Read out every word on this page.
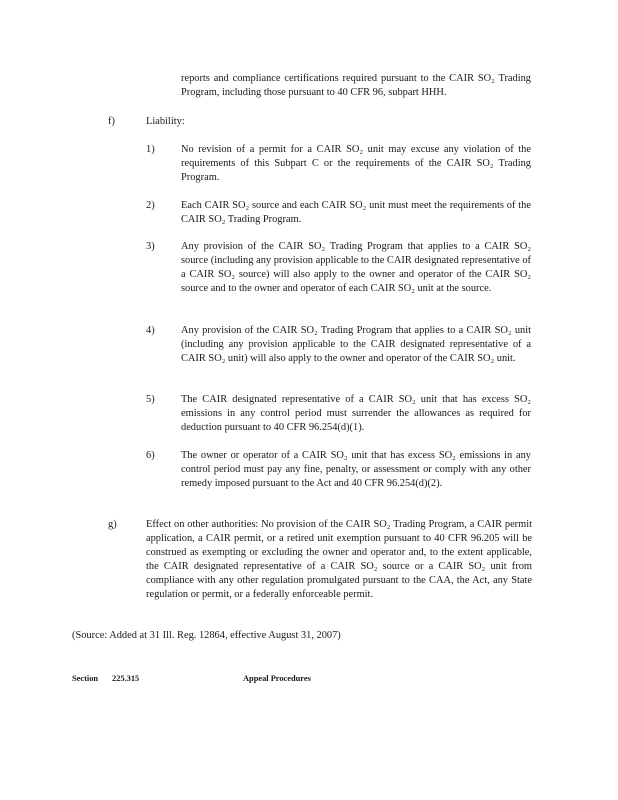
reports and compliance certifications required pursuant to the CAIR SO₂ Trading Program, including those pursuant to 40 CFR 96, subpart HHH.
f)	Liability:
1)	No revision of a permit for a CAIR SO₂ unit may excuse any violation of the requirements of this Subpart C or the requirements of the CAIR SO₂ Trading Program.
2)	Each CAIR SO₂ source and each CAIR SO₂ unit must meet the requirements of the CAIR SO₂ Trading Program.
3)	Any provision of the CAIR SO₂ Trading Program that applies to a CAIR SO₂ source (including any provision applicable to the CAIR designated representative of a CAIR SO₂ source) will also apply to the owner and operator of the CAIR SO₂ source and to the owner and operator of each CAIR SO₂ unit at the source.
4)	Any provision of the CAIR SO₂ Trading Program that applies to a CAIR SO₂ unit (including any provision applicable to the CAIR designated representative of a CAIR SO₂ unit) will also apply to the owner and operator of the CAIR SO₂ unit.
5)	The CAIR designated representative of a CAIR SO₂ unit that has excess SO₂ emissions in any control period must surrender the allowances as required for deduction pursuant to 40 CFR 96.254(d)(1).
6)	The owner or operator of a CAIR SO₂ unit that has excess SO₂ emissions in any control period must pay any fine, penalty, or assessment or comply with any other remedy imposed pursuant to the Act and 40 CFR 96.254(d)(2).
g)	Effect on other authorities: No provision of the CAIR SO₂ Trading Program, a CAIR permit application, a CAIR permit, or a retired unit exemption pursuant to 40 CFR 96.205 will be construed as exempting or excluding the owner and operator and, to the extent applicable, the CAIR designated representative of a CAIR SO₂ source or a CAIR SO₂ unit from compliance with any other regulation promulgated pursuant to the CAA, the Act, any State regulation or permit, or a federally enforceable permit.
(Source: Added at 31 Ill. Reg. 12864, effective August 31, 2007)
Section 225.315	Appeal Procedures
